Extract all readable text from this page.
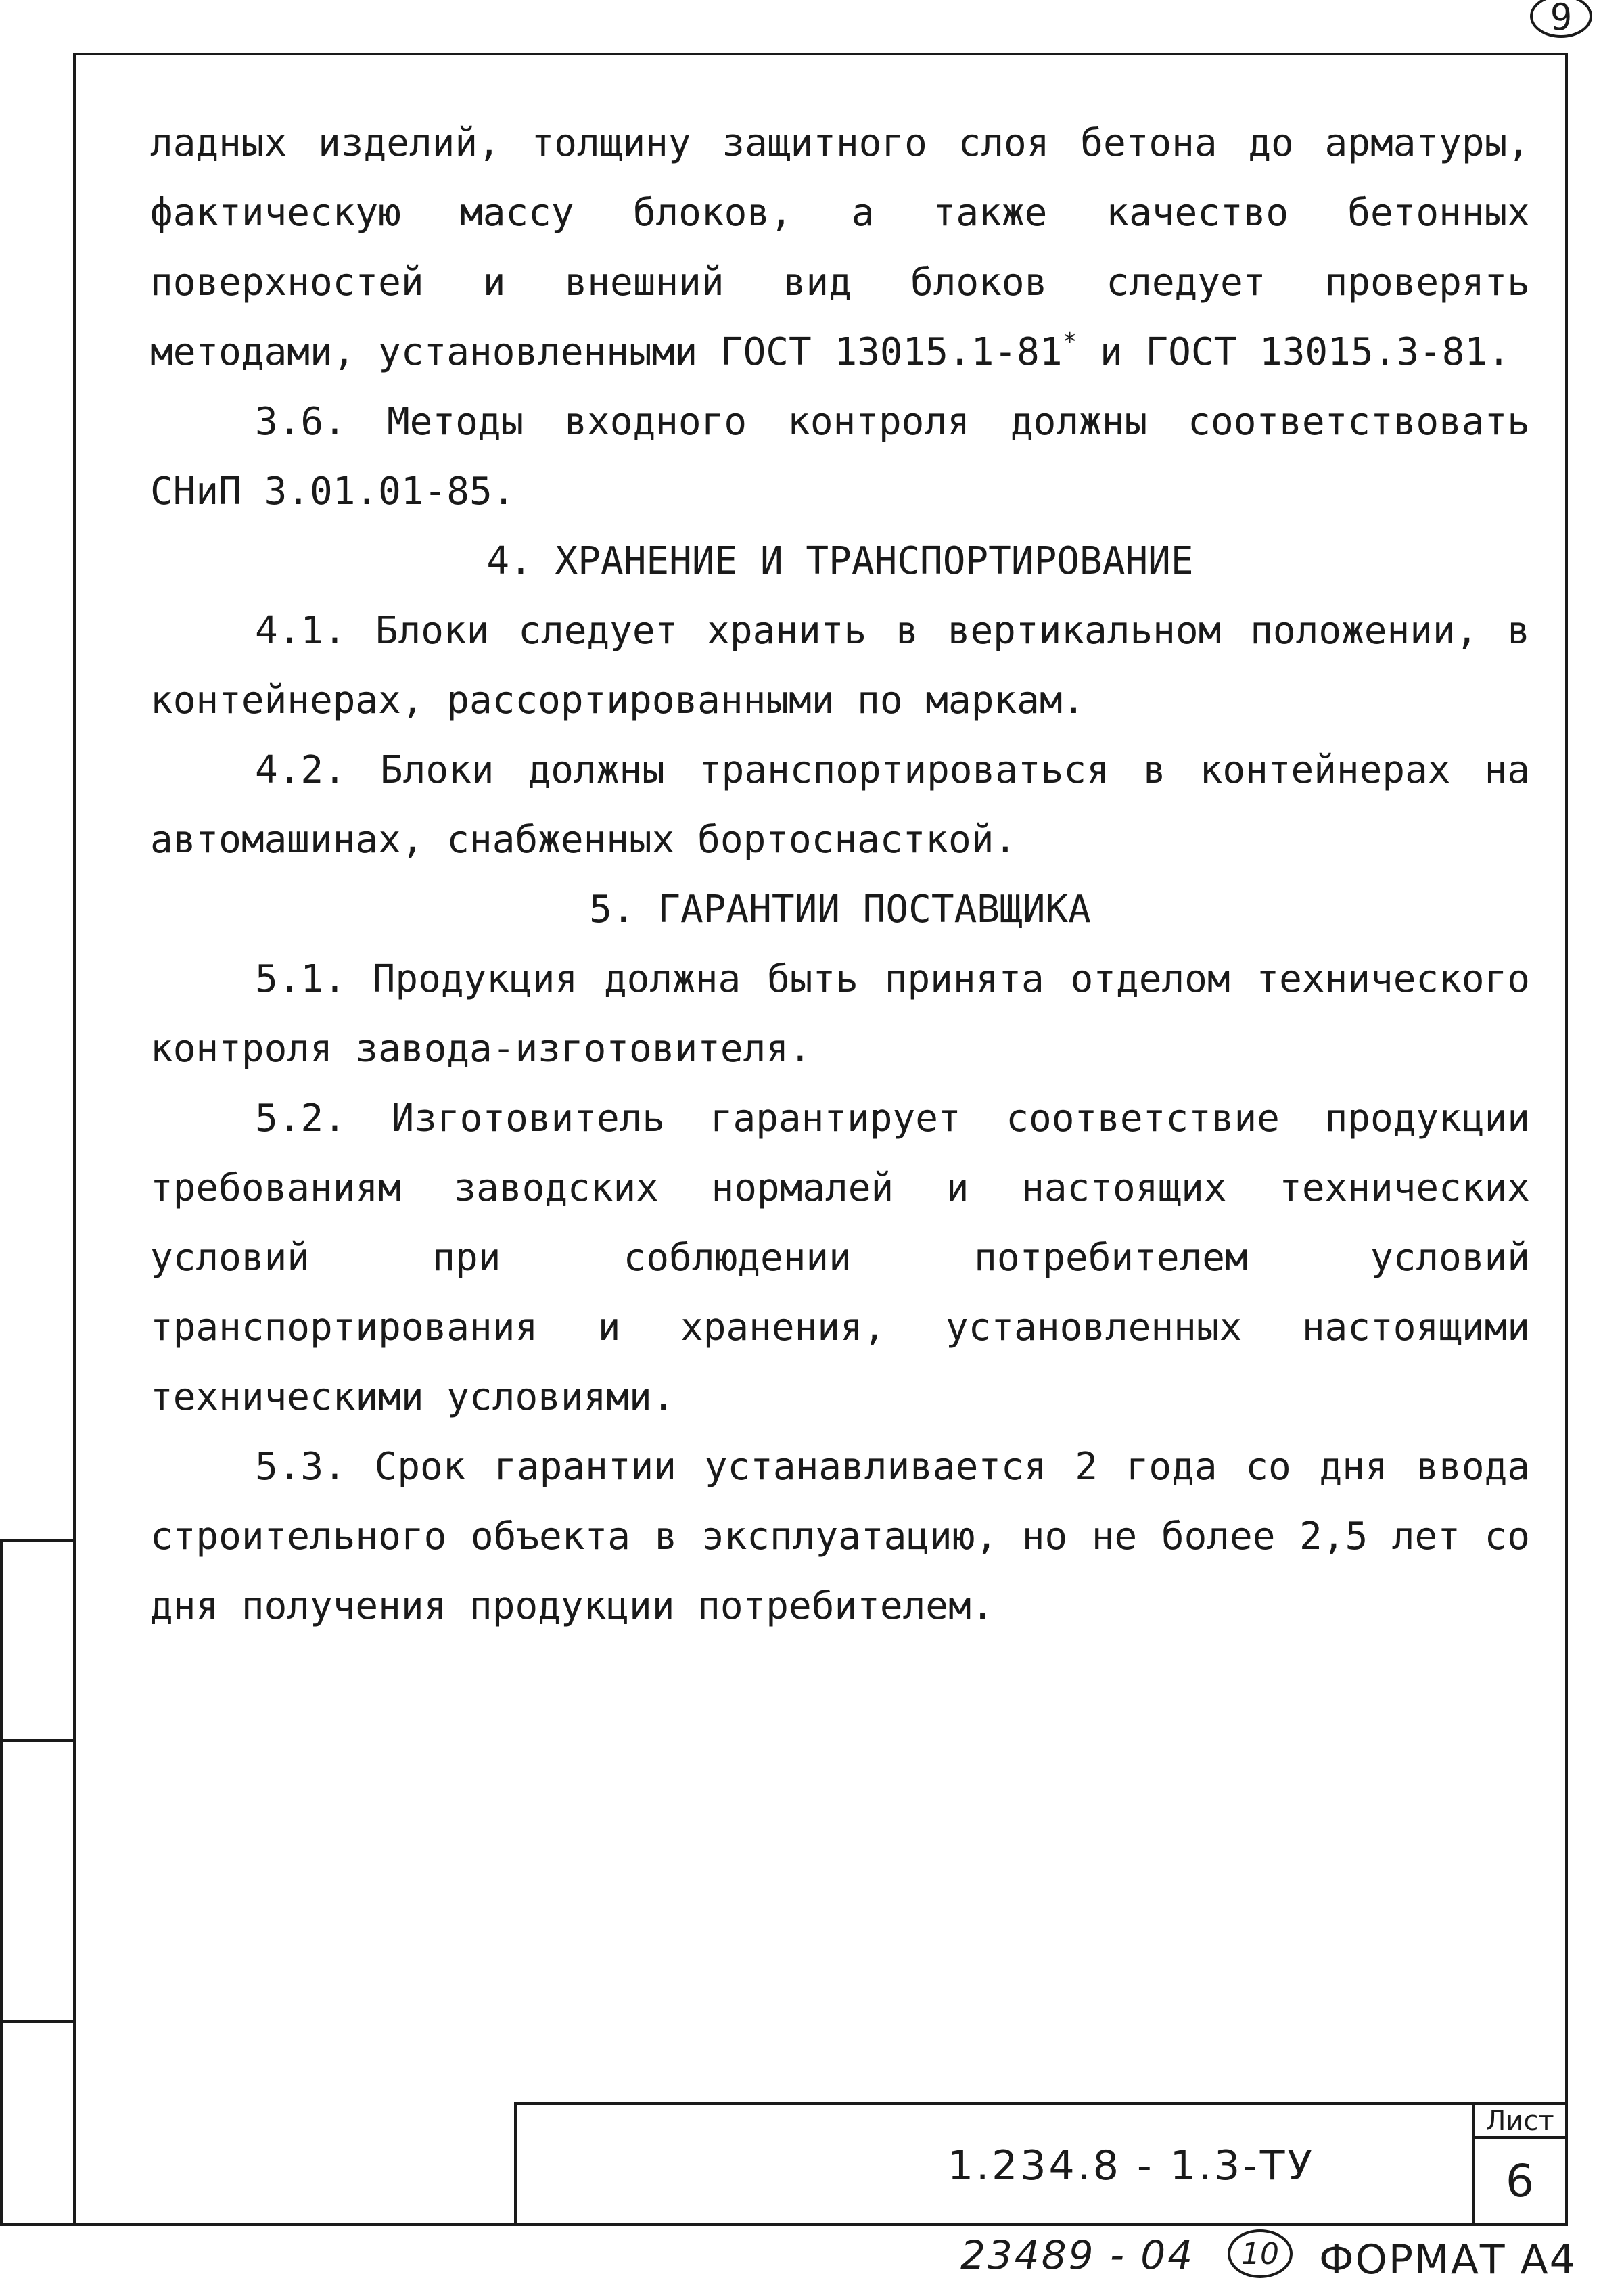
9

ладных изделий, толщину защитного слоя бетона до арматуры, фактическую массу блоков, а также качество бетонных поверхностей и внешний вид блоков следует проверять методами, установленными ГОСТ 13015.1-81* и ГОСТ 13015.3-81.

3.6. Методы входного контроля должны соответствовать СНиП 3.01.01-85.

4. ХРАНЕНИЕ И ТРАНСПОРТИРОВАНИЕ

4.1. Блоки следует хранить в вертикальном положении, в контейнерах, рассортированными по маркам.

4.2. Блоки должны транспортироваться в контейнерах на автомашинах, снабженных бортоснасткой.

5. ГАРАНТИИ ПОСТАВЩИКА

5.1. Продукция должна быть принята отделом технического контроля завода-изготовителя.

5.2. Изготовитель гарантирует соответствие продукции требованиям заводских нормалей и настоящих технических условий при соблюдении потребителем условий транспортирования и хранения, установленных настоящими техническими условиями.

5.3. Срок гарантии устанавливается 2 года со дня ввода строительного объекта в эксплуатацию, но не более 2,5 лет со дня получения продукции потребителем.

1.234.8 - 1.3-ТУ
Лист
6
23489 - 04	10 ФОРМАТ А4
